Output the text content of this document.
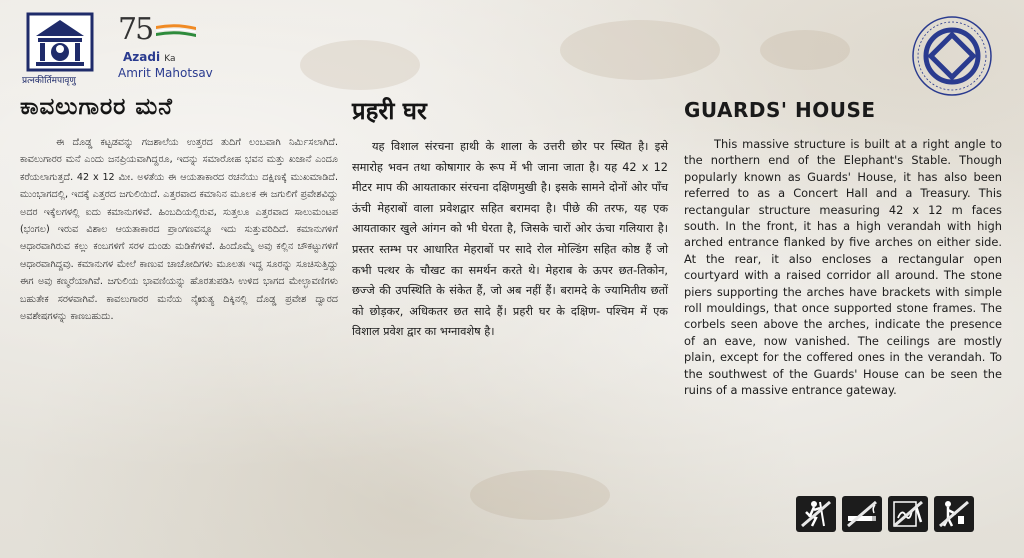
प्रत्नकीर्तिमपावृणु
75
Azadi Ka
Amrit Mahotsav
ಕಾವಲುಗಾರರ ಮನೆ
ಈ ದೊಡ್ಡ ಕಟ್ಟಡವನ್ನು ಗಜಶಾಲೆಯ ಉತ್ತರದ ತುದಿಗೆ ಲಂಬವಾಗಿ ನಿರ್ಮಿಸಲಾಗಿದೆ. ಕಾವಲುಗಾರರ ಮನೆ ಎಂದು ಜನಪ್ರಿಯವಾಗಿದ್ದರೂ, ಇದನ್ನು ಸಮಾರೋಹ ಭವನ ಮತ್ತು ಖಜಾನೆ ಎಂದೂ ಕರೆಯಲಾಗುತ್ತದೆ. 42 x 12 ಮೀ. ಅಳತೆಯ ಈ ಆಯತಾಕಾರದ ರಚನೆಯು ದಕ್ಷಿಣಕ್ಕೆ ಮುಖಮಾಡಿದೆ. ಮುಂಭಾಗದಲ್ಲಿ, ಇದಕ್ಕೆ ಎತ್ತರದ ಜಗುಲಿಯಿದೆ. ಎತ್ತರವಾದ ಕಮಾನಿನ ಮೂಲಕ ಈ ಜಗುಲಿಗೆ ಪ್ರವೇಶವಿದ್ದು ಅದರ ಇಕ್ಕೆಲಗಳಲ್ಲಿ ಐದು ಕಮಾನುಗಳಿವೆ. ಹಿಂಬದಿಯಲ್ಲಿರುವ, ಸುತ್ತಲೂ ಎತ್ತರವಾದ ಸಾಲುಮಂಟಪ (ಭಂಗಲ) ಇರುವ ವಿಶಾಲ ಆಯತಾಕಾರದ ಪ್ರಾಂಗಣವನ್ನೂ ಇದು ಸುತ್ತುವರಿದಿದೆ. ಕಮಾನುಗಳಿಗೆ ಆಧಾರವಾಗಿರುವ ಕಲ್ಲು ಕಂಬಗಳಿಗೆ ಸರಳ ದುಂಡು ಮಡಿಕೆಗಳಿವೆ. ಹಿಂದೊಮ್ಮೆ ಅವು ಕಲ್ಲಿನ ಚೌಕಟ್ಟುಗಳಿಗೆ ಆಧಾರವಾಗಿದ್ದವು. ಕಮಾನುಗಳ ಮೇಲೆ ಕಾಣುವ ಚಾಚೋದಿಗಳು ಮೂಲತಃ ಇದ್ದ ಸೂರನ್ನು ಸೂಚಿಸುತ್ತಿದ್ದು ಈಗ ಅವು ಕಣ್ಮರೆಯಾಗಿವೆ. ಜಗುಲಿಯ ಭಾವಣಿಯನ್ನು ಹೊರತುಪಡಿಸಿ ಉಳಿದ ಭಾಗದ ಮೇಲ್ಛಾವಣಿಗಳು ಬಹುತೇಕ ಸರಳವಾಗಿವೆ. ಕಾವಲುಗಾರರ ಮನೆಯ ನೈಋತ್ಯ ದಿಕ್ಕಿನಲ್ಲಿ ದೊಡ್ಡ ಪ್ರವೇಶ ದ್ವಾರದ ಅವಶೇಷಗಳನ್ನು ಕಾಣಬಹುದು.
प्रहरी घर
यह विशाल संरचना हाथी के शाला के उत्तरी छोर पर स्थित है। इसे समारोह भवन तथा कोषागार के रूप में भी जाना जाता है। यह 42 x 12 मीटर माप की आयताकार संरचना दक्षिणमुखी है। इसके सामने दोनों ओर पाँच ऊंची मेहराबों वाला प्रवेशद्वार सहित बरामदा है। पीछे की तरफ, यह एक आयताकार खुले आंगन को भी घेरता है, जिसके चारों ओर ऊंचा गलियारा है। प्रस्तर स्तम्भ पर आधारित मेहराबों पर सादे रोल मोल्डिंग सहित कोष्ठ हैं जो कभी पत्थर के चौखट का समर्थन करते थे। मेहराब के ऊपर छत-तिकोन, छज्जे की उपस्थिति के संकेत हैं, जो अब नहीं हैं। बरामदे के ज्यामितीय छतों को छोड़कर, अधिकतर छत सादे हैं। प्रहरी घर के दक्षिण- पश्चिम में एक विशाल प्रवेश द्वार का भग्नावशेष है।
GUARDS' HOUSE
This massive structure is built at a right angle to the northern end of the Elephant's Stable. Though popularly known as Guards' House, it has also been referred to as a Concert Hall and a Treasury. This rectangular structure measuring 42 x 12 m faces south. In the front, it has a high verandah with high arched entrance flanked by five arches on either side. At the rear, it also encloses a rectangular open courtyard with a raised corridor all around. The stone piers supporting the arches have brackets with simple roll mouldings, that once supported stone frames. The corbels seen above the arches, indicate the presence of an eave, now vanished. The ceilings are mostly plain, except for the coffered ones in the verandah. To the southwest of the Guards' House can be seen the ruins of a massive entrance gateway.
